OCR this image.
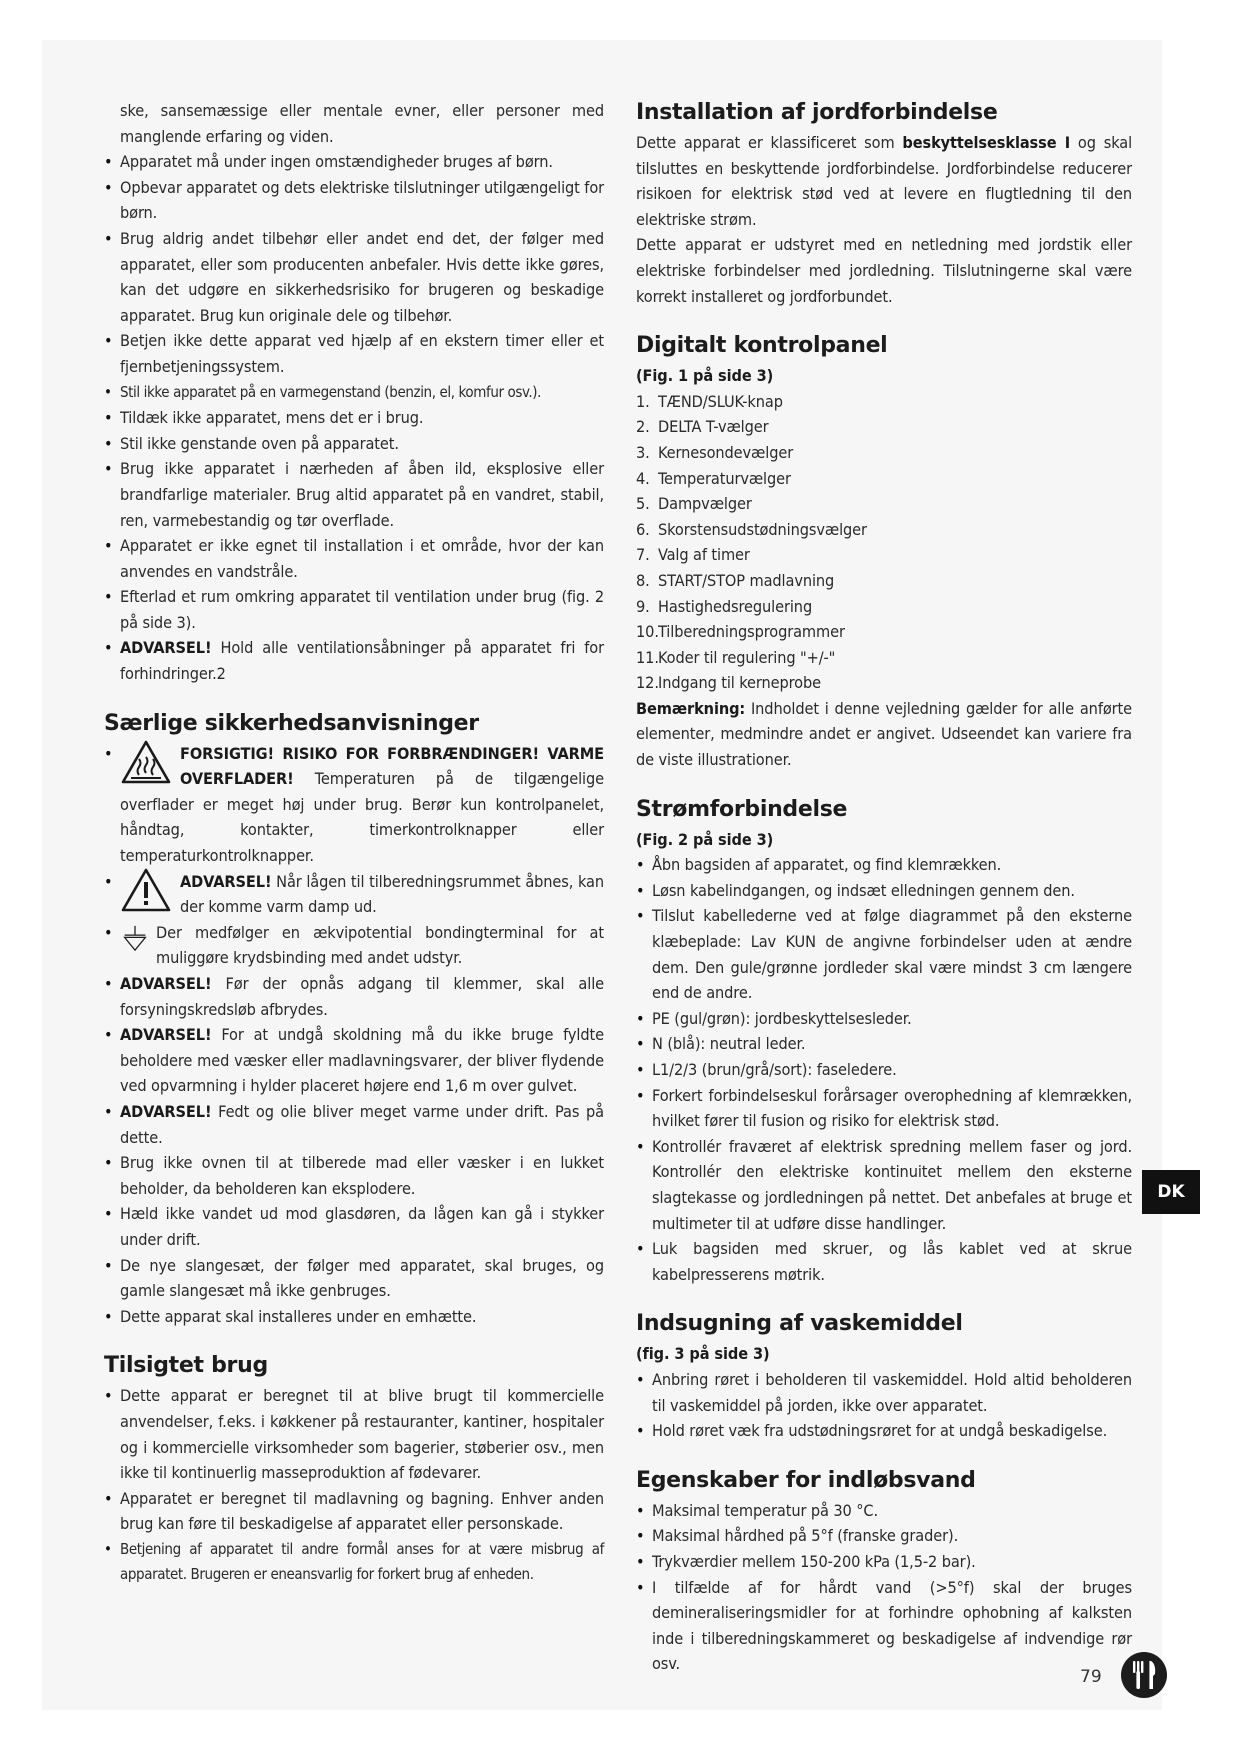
ske, sansemæssige eller mentale evner, eller personer med manglende erfaring og viden.
• Apparatet må under ingen omstændigheder bruges af børn.
• Opbevar apparatet og dets elektriske tilslutninger utilgængeligt for børn.
• Brug aldrig andet tilbehør eller andet end det, der følger med apparatet, eller som producenten anbefaler. Hvis dette ikke gøres, kan det udgøre en sikkerhedsrisiko for brugeren og beskadige apparatet. Brug kun originale dele og tilbehør.
• Betjen ikke dette apparat ved hjælp af en ekstern timer eller et fjernbetjeningssystem.
• Stil ikke apparatet på en varmegenstand (benzin, el, komfur osv.).
• Tildæk ikke apparatet, mens det er i brug.
• Stil ikke genstande oven på apparatet.
• Brug ikke apparatet i nærheden af åben ild, eksplosive eller brandfarlige materialer. Brug altid apparatet på en vandret, stabil, ren, varmebestandig og tør overflade.
• Apparatet er ikke egnet til installation i et område, hvor der kan anvendes en vandstråle.
• Efterlad et rum omkring apparatet til ventilation under brug (fig. 2 på side 3).
• ADVARSEL! Hold alle ventilationsåbninger på apparatet fri for forhindringer.2
Særlige sikkerhedsanvisninger
• FORSIGTIG! RISIKO FOR FORBRÆNDINGER! VARME OVERFLADER! Temperaturen på de tilgængelige overflader er meget høj under brug. Berør kun kontrolpanelet, håndtag, kontakter, timerkontrolknapper eller temperaturkontrolknapper.
• ADVARSEL! Når lågen til tilberedningsrummet åbnes, kan der komme varm damp ud.
• Der medfølger en ækvipotential bondingterminal for at muliggøre krydsbinding med andet udstyr.
• ADVARSEL! Før der opnås adgang til klemmer, skal alle forsyningskredsløb afbrydes.
• ADVARSEL! For at undgå skoldning må du ikke bruge fyldte beholdere med væsker eller madlavningsvarer, der bliver flydende ved opvarmning i hylder placeret højere end 1,6 m over gulvet.
• ADVARSEL! Fedt og olie bliver meget varme under drift. Pas på dette.
• Brug ikke ovnen til at tilberede mad eller væsker i en lukket beholder, da beholderen kan eksplodere.
• Hæld ikke vandet ud mod glasdøren, da lågen kan gå i stykker under drift.
• De nye slangesæt, der følger med apparatet, skal bruges, og gamle slangesæt må ikke genbruges.
• Dette apparat skal installeres under en emhætte.
Tilsigtet brug
• Dette apparat er beregnet til at blive brugt til kommercielle anvendelser, f.eks. i køkkener på restauranter, kantiner, hospitaler og i kommercielle virksomheder som bagerier, støberier osv., men ikke til kontinuerlig masseproduktion af fødevarer.
• Apparatet er beregnet til madlavning og bagning. Enhver anden brug kan føre til beskadigelse af apparatet eller personskade.
• Betjening af apparatet til andre formål anses for at være misbrug af apparatet. Brugeren er eneansvarlig for forkert brug af enheden.
Installation af jordforbindelse

Dette apparat er klassificeret som beskyttelsesklasse I og skal tilsluttes en beskyttende jordforbindelse. Jordforbindelse reducerer risikoen for elektrisk stød ved at levere en flugtledning til den elektriske strøm.

Dette apparat er udstyret med en netledning med jordstik eller elektriske forbindelser med jordledning. Tilslutningerne skal være korrekt installeret og jordforbundet.

Digitalt kontrolpanel

(Fig. 1 på side 3)

1. TÆND/SLUK-knap
2. DELTA T-vælger
3. Kernesondevælger
4. Temperaturvælger
5. Dampvælger
6. Skorstensudstødningsvælger
7. Valg af timer
8. START/STOP madlavning
9. Hastighedsregulering
10. Tilberedningsprogrammer
11. Koder til regulering "+/-"
12. Indgang til kerneprobe

Bemærkning: Indholdet i denne vejledning gælder for alle anførte elementer, medmindre andet er angivet. Udseendet kan variere fra de viste illustrationer.

Strømforbindelse

(Fig. 2 på side 3)

• Åbn bagsiden af apparatet, og find klemrækken.
• Løsn kabelindgangen, og indsæt elledningen gennem den.
• Tilslut kabellederne ved at følge diagrammet på den eksterne klæbeplade: Lav KUN de angivne forbindelser uden at ændre dem. Den gule/grønne jordleder skal være mindst 3 cm længere end de andre.
• PE (gul/grøn): jordbeskyttelsesleder.
• N (blå): neutral leder.
• L1/2/3 (brun/grå/sort): faseledere.
• Forkert forbindelseskul forårsager overophedning af klemrækken, hvilket fører til fusion og risiko for elektrisk stød.
• Kontrollér fraværet af elektrisk spredning mellem faser og jord. Kontrollér den elektriske kontinuitet mellem den eksterne slagtekasse og jordledningen på nettet. Det anbefales at bruge et multimeter til at udføre disse handlinger.
• Luk bagsiden med skruer, og lås kablet ved at skrue kabelpresserens møtrik.
Indsugning af vaskemiddel

(fig. 3 på side 3)

• Anbring røret i beholderen til vaskemiddel. Hold altid beholderen til vaskemiddel på jorden, ikke over apparatet.
• Hold røret væk fra udstødningsrøret for at undgå beskadigelse.
Egenskaber for indløbsvand
• Maksimal temperatur på 30 °C.
• Maksimal hårdhed på 5°f (franske grader).
• Trykværdier mellem 150-200 kPa (1,5-2 bar).
• I tilfælde af for hårdt vand (>5°f) skal der bruges demineraliseringsmidler for at forhindre ophobning af kalksten inde i tilberedningskammeret og beskadigelse af indvendige rør osv.
DK
79
